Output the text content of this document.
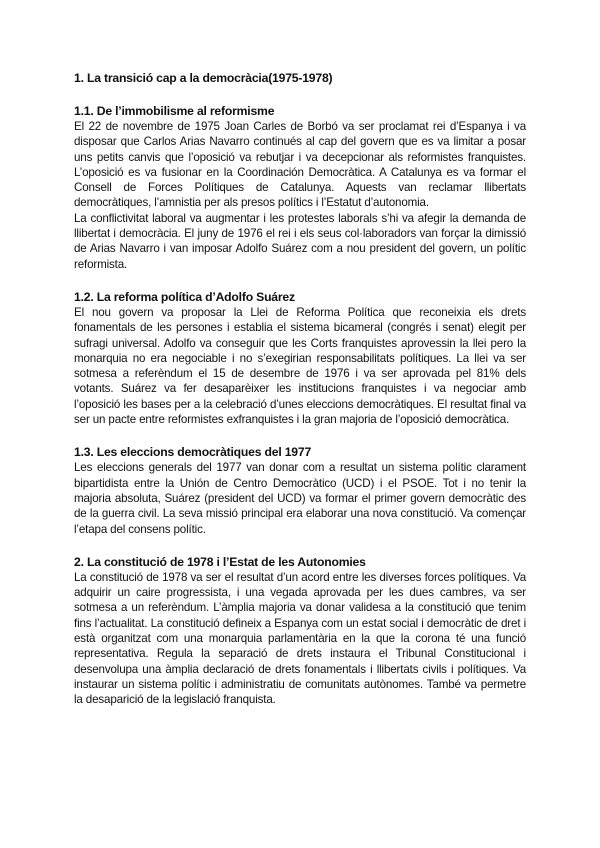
1. La transició cap a la democràcia(1975-1978)
1.1. De l’immobilisme al reformisme

El 22 de novembre de 1975 Joan Carles de Borbó va ser proclamat rei d’Espanya i va disposar que Carlos Arias Navarro continués al cap del govern que es va limitar a posar uns petits canvis que l’oposició va rebutjar i va decepcionar als reformistes franquistes. L’oposició es va fusionar en la Coordinación Democràtica. A Catalunya es va formar el Consell de Forces Polítiques de Catalunya. Aquests van reclamar llibertats democràtiques, l’amnistia per als presos polítics i l’Estatut d’autonomia.

La conflictivitat laboral va augmentar i les protestes laborals s’hi va afegir la demanda de llibertat i democràcia. El juny de 1976 el rei i els seus col·laboradors van forçar la dimissió de Arias Navarro i van imposar Adolfo Suárez com a nou president del govern, un polític reformista.

1.2. La reforma política d’Adolfo Suárez

El nou govern va proposar la Llei de Reforma Política que reconeixia els drets fonamentals de les persones i establia el sistema bicameral (congrés i senat) elegit per sufragi universal. Adolfo va conseguir que les Corts franquistes aprovessin la llei pero la monarquia no era negociable i no s’exegirian responsabilitats polítiques. La llei va ser sotmesa a referèndum el 15 de desembre de 1976 i va ser aprovada pel 81% dels votants. Suárez va fer desaparèixer les institucions franquistes i va negociar amb l’oposició les bases per a la celebració d’unes eleccions democràtiques. El resultat final va ser un pacte entre reformistes exfranquistes i la gran majoria de l’oposició democràtica.

1.3. Les eleccions democràtiques del 1977

Les eleccions generals del 1977 van donar com a resultat un sistema polític clarament bipartidista entre la Unión de Centro Democràtico (UCD) i el PSOE. Tot i no tenir la majoria absoluta, Suárez (president del UCD) va formar el primer govern democràtic des de la guerra civil. La seva missió principal era elaborar una nova constitució. Va començar l’etapa del consens polític.

2. La constitució de 1978 i l’Estat de les Autonomies

La constitució de 1978 va ser el resultat d’un acord entre les diverses forces polítiques. Va adquirir un caire progressista, i una vegada aprovada per les dues cambres, va ser sotmesa a un referèndum. L’àmplia majoria va donar validesa a la constitució que tenim fins l’actualitat. La constitució defineix a Espanya com un estat social i democràtic de dret i està organitzat com una monarquia parlamentària en la que la corona té una funció representativa. Regula la separació de drets instaura el Tribunal Constitucional i desenvolupa una àmplia declaració de drets fonamentals i llibertats civils i polítiques. Va instaurar un sistema polític i administratiu de comunitats autònomes. També va permetre la desaparició de la legislació franquista.
